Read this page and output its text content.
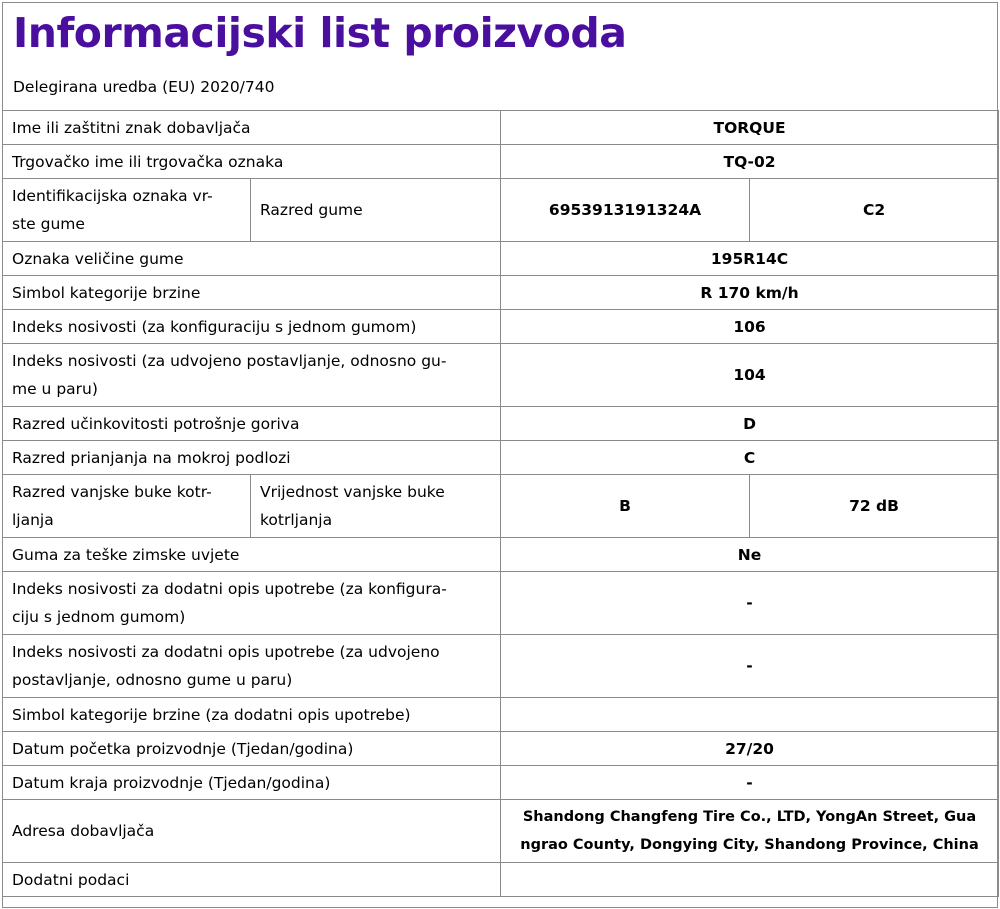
Informacijski list proizvoda
Delegirana uredba (EU) 2020/740
Ime ili zaštitni znak dobavljača		TORQUE	
Trgovačko ime ili trgovačka oznaka		TQ-02	
Identifikacijska oznaka vr-
ste gume	Razred gume	6953913191324A	C2
Oznaka veličine gume		195R14C	
Simbol kategorije brzine		R 170 km/h	
Indeks nosivosti (za konfiguraciju s jednom gumom)		106	
Indeks nosivosti (za udvojeno postavljanje, odnosno gu-
me u paru)		104	
Razred učinkovitosti potrošnje goriva		D	
Razred prianjanja na mokroj podlozi		C	
Razred vanjske buke kotr-
ljanja	Vrijednost vanjske buke
kotrljanja	B	72 dB
Guma za teške zimske uvjete		Ne	
Indeks nosivosti za dodatni opis upotrebe (za konfigura-
ciju s jednom gumom)		-	
Indeks nosivosti za dodatni opis upotrebe (za udvojeno
postavljanje, odnosno gume u paru)		-	
Simbol kategorije brzine (za dodatni opis upotrebe)			
Datum početka proizvodnje (Tjedan/godina)		27/20	
Datum kraja proizvodnje (Tjedan/godina)		-	
Adresa dobavljača		Shandong Changfeng Tire Co., LTD, YongAn Street, Gua
ngrao County, Dongying City, Shandong Province, China	
Dodatni podaci			
